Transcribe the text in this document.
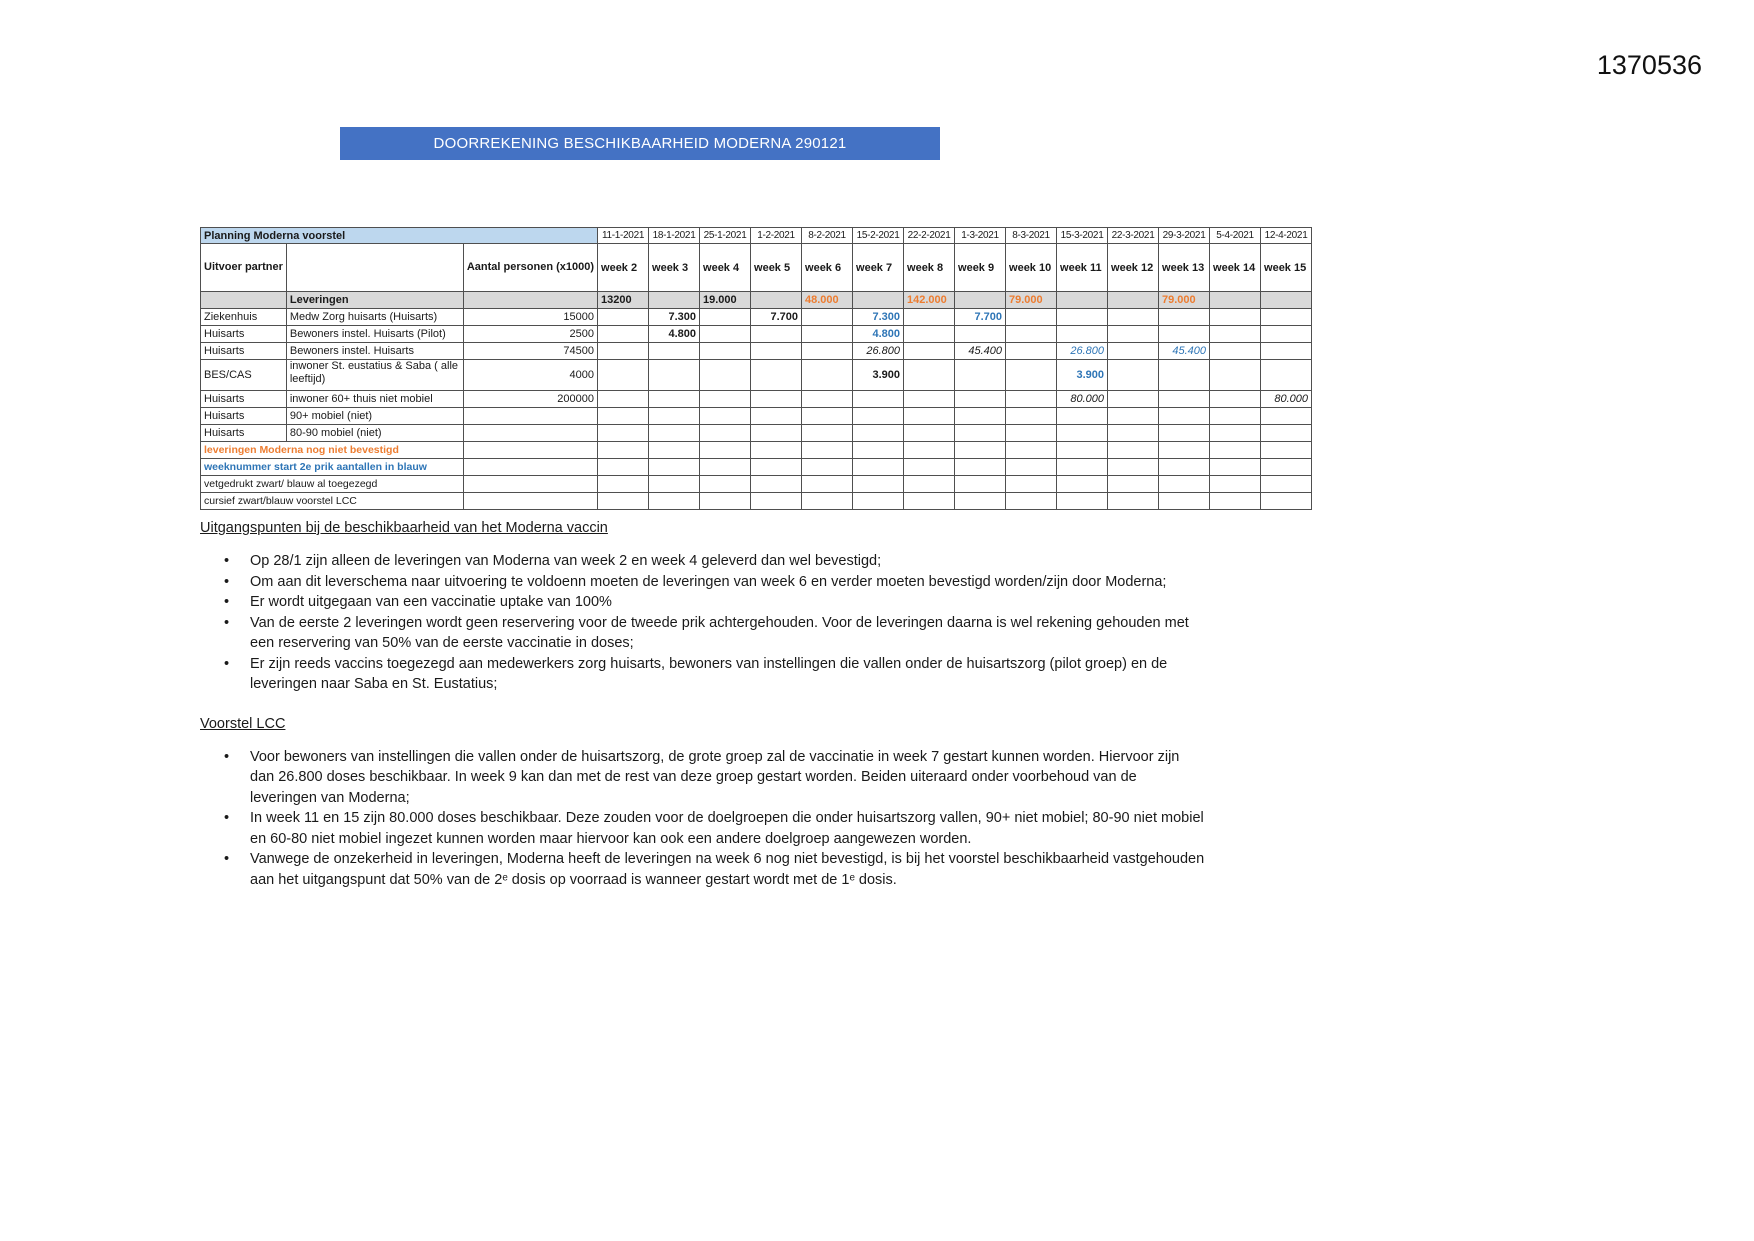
1370536
DOORREKENING BESCHIKBAARHEID MODERNA 290121
Planning Moderna voorstel			11-1-2021	18-1-2021	25-1-2021	1-2-2021	8-2-2021	15-2-2021	22-2-2021	1-3-2021	8-3-2021	15-3-2021	22-3-2021	29-3-2021	5-4-2021	12-4-2021
Uitvoer partner		Aantal personen (x1000)	week 2	week 3	week 4	week 5	week 6	week 7	week 8	week 9	week 10	week 11	week 12	week 13	week 14	week 15
	Leveringen		13200		19.000		48.000		142.000		79.000			79.000		
Ziekenhuis	Medw Zorg huisarts (Huisarts)	15000		7.300		7.700		7.300		7.700						
Huisarts	Bewoners instel. Huisarts (Pilot)	2500		4.800				4.800								
Huisarts	Bewoners instel. Huisarts	74500						26.800		45.400		26.800		45.400		
BES/CAS	inwoner St. eustatius & Saba ( alle leeftijd)	4000						3.900				3.900				
Huisarts	inwoner 60+ thuis niet mobiel	200000										80.000				80.000
Huisarts	90+ mobiel (niet)															
Huisarts	80-90 mobiel (niet)															
leveringen Moderna nog niet bevestigd																
weeknummer start 2e prik aantallen in blauw																
vetgedrukt zwart/ blauw al toegezegd																
cursief zwart/blauw voorstel LCC																
Uitgangspunten bij de beschikbaarheid van het Moderna vaccin
• Op 28/1 zijn alleen de leveringen van Moderna van week 2 en week 4 geleverd dan wel bevestigd;
• Om aan dit leverschema naar uitvoering te voldoenn moeten de leveringen van week 6 en verder moeten bevestigd worden/zijn door Moderna;
• Er wordt uitgegaan van een vaccinatie uptake van 100%
• Van de eerste 2 leveringen wordt geen reservering voor de tweede prik achtergehouden. Voor de leveringen daarna is wel rekening gehouden met een reservering van 50% van de eerste vaccinatie in doses;
• Er zijn reeds vaccins toegezegd aan medewerkers zorg huisarts, bewoners van instellingen die vallen onder de huisartszorg (pilot groep) en de leveringen naar Saba en St. Eustatius;
Voorstel LCC
• Voor bewoners van instellingen die vallen onder de huisartszorg, de grote groep zal de vaccinatie in week 7 gestart kunnen worden. Hiervoor zijn dan 26.800 doses beschikbaar. In week 9 kan dan met de rest van deze groep gestart worden. Beiden uiteraard onder voorbehoud van de leveringen van Moderna;
• In week 11 en 15 zijn 80.000 doses beschikbaar. Deze zouden voor de doelgroepen die onder huisartszorg vallen, 90+ niet mobiel; 80-90 niet mobiel en 60-80 niet mobiel ingezet kunnen worden maar hiervoor kan ook een andere doelgroep aangewezen worden.
• Vanwege de onzekerheid in leveringen, Moderna heeft de leveringen na week 6 nog niet bevestigd, is bij het voorstel beschikbaarheid vastgehouden aan het uitgangspunt dat 50% van de 2ᵉ dosis op voorraad is wanneer gestart wordt met de 1ᵉ dosis.
